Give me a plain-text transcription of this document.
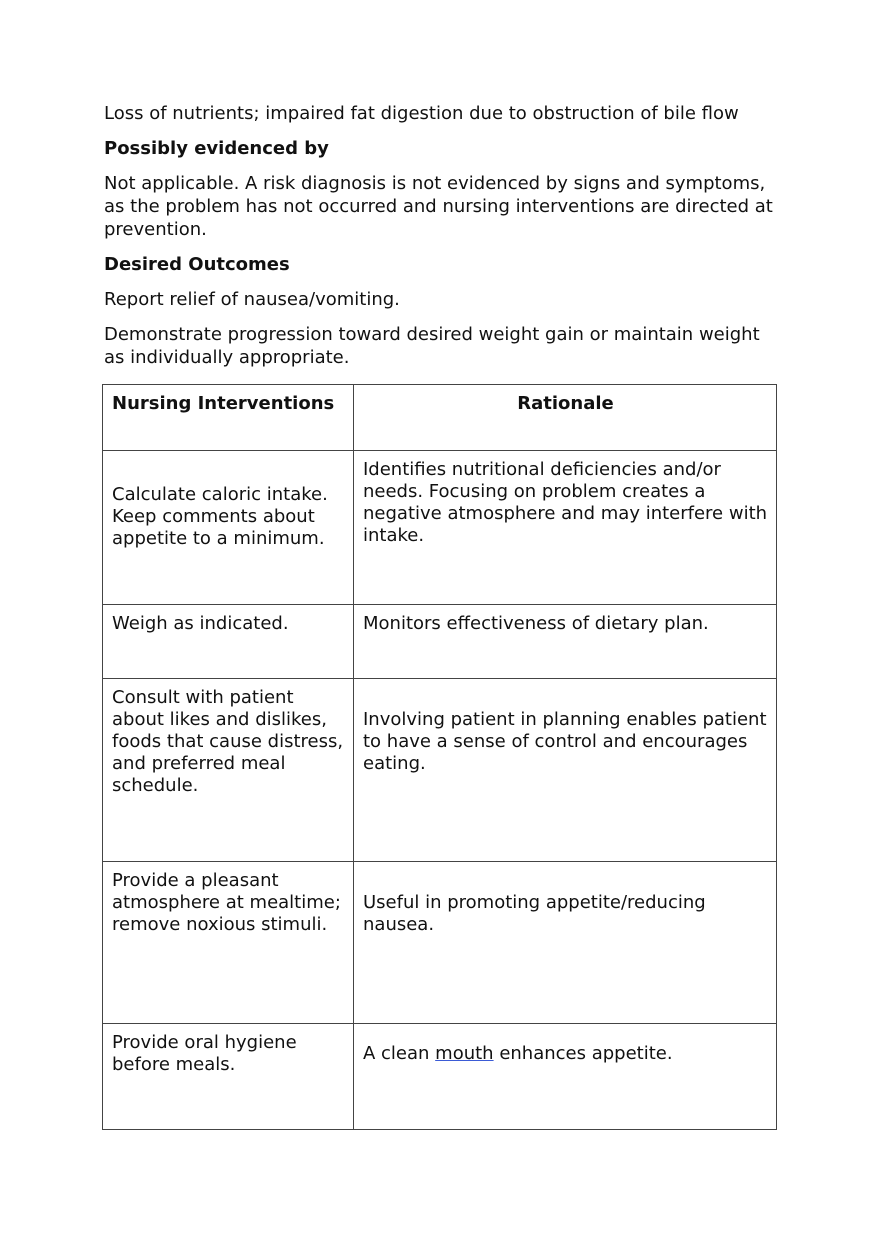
Loss of nutrients; impaired fat digestion due to obstruction of bile flow

Possibly evidenced by

Not applicable. A risk diagnosis is not evidenced by signs and symptoms, as the problem has not occurred and nursing interventions are directed at prevention.

Desired Outcomes

Report relief of nausea/vomiting.

Demonstrate progression toward desired weight gain or maintain weight as individually appropriate.

Nursing Interventions	Rationale
Calculate caloric intake. Keep comments about appetite to a minimum.	Identifies nutritional deficiencies and/or needs. Focusing on problem creates a negative atmosphere and may interfere with intake.
Weigh as indicated.	Monitors effectiveness of dietary plan.
Consult with patient about likes and dislikes, foods that cause distress, and preferred meal schedule.	Involving patient in planning enables patient to have a sense of control and encourages eating.
Provide a pleasant atmosphere at mealtime; remove noxious stimuli.	Useful in promoting appetite/reducing nausea.
Provide oral hygiene before meals.	A clean mouth enhances appetite.
